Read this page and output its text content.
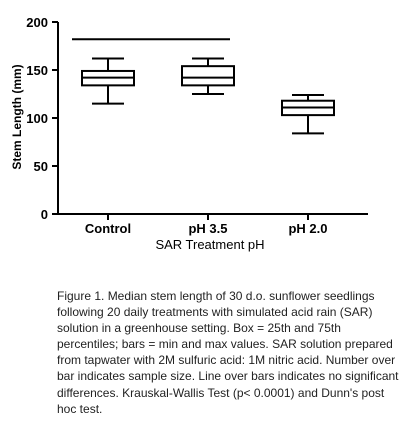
0
50
100
150
200
Control	pH 3.5	pH 2.0
Stem Length (mm)
SAR Treatment pH

Figure 1. Median stem length of 30 d.o. sunflower seedlings following 20 daily treatments with simulated acid rain (SAR) solution in a greenhouse setting. Box = 25th and 75th percentiles; bars = min and max values. SAR solution prepared from tapwater with 2M sulfuric acid: 1M nitric acid. Number over bar indicates sample size. Line over bars indicates no significant differences. Krauskal-Wallis Test (p< 0.0001) and Dunn's post hoc test.
